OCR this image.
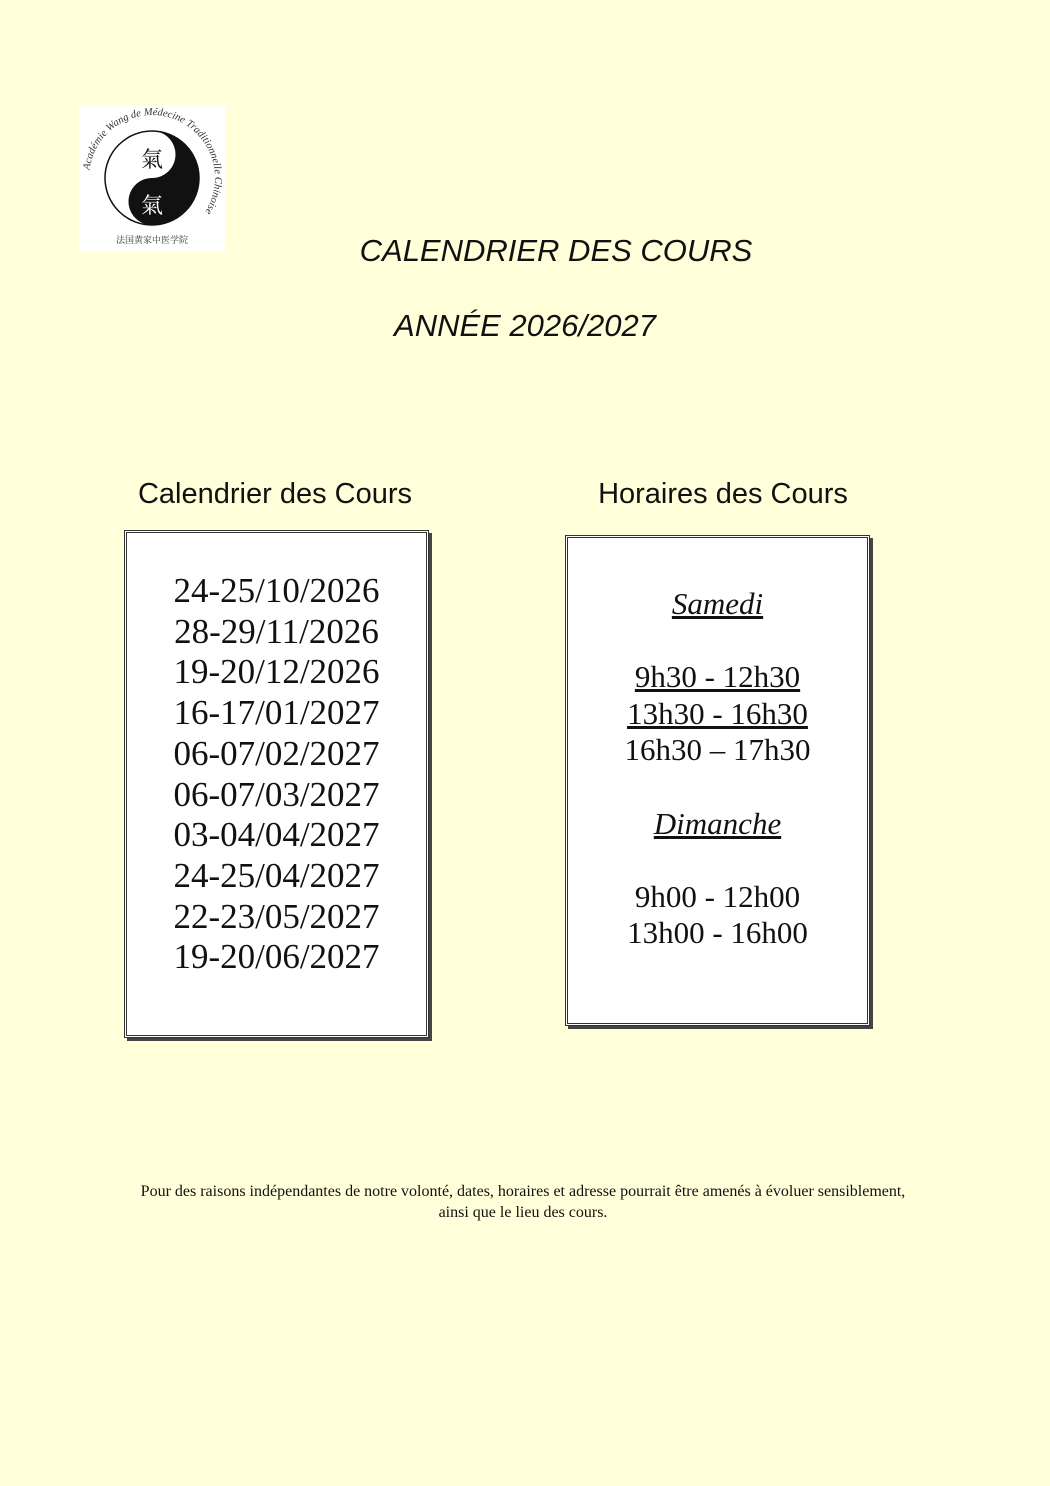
Académie Wang de Médecine Traditionnelle Chinoise
氣
氣
法国黄家中医学院	CALENDRIER DES COURS
ANNÉE 2026/2027
Calendrier des Cours	Horaires des Cours
24-25/10/2026
28-29/11/2026
19-20/12/2026
16-17/01/2027
06-07/02/2027
06-07/03/2027
03-04/04/2027
24-25/04/2027
22-23/05/2027
19-20/06/2027
Samedi
9h30 - 12h30
13h30 - 16h30
16h30 – 17h30
Dimanche
9h00 - 12h00
13h00 - 16h00
Pour des raisons indépendantes de notre volonté, dates, horaires et adresse pourrait être amenés à évoluer sensiblement, ainsi que le lieu des cours.
